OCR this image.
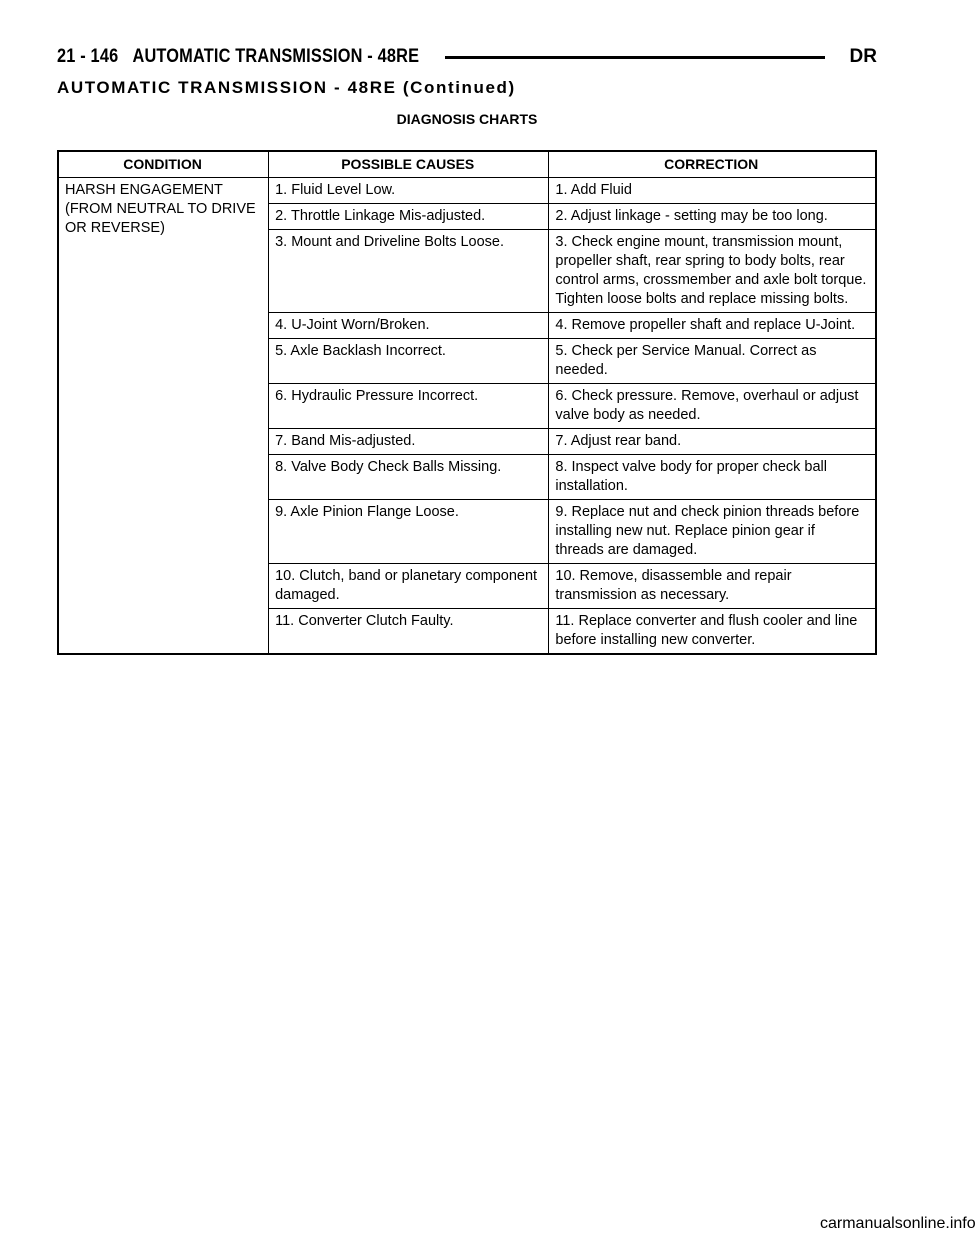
21 - 146 AUTOMATIC TRANSMISSION - 48RE	DR
AUTOMATIC TRANSMISSION - 48RE (Continued)
DIAGNOSIS CHARTS
CONDITION	POSSIBLE CAUSES	CORRECTION
HARSH ENGAGEMENT (FROM NEUTRAL TO DRIVE OR REVERSE)	1. Fluid Level Low.	1. Add Fluid
	2. Throttle Linkage Mis-adjusted.	2. Adjust linkage - setting may be too long.
	3. Mount and Driveline Bolts Loose.	3. Check engine mount, transmission mount, propeller shaft, rear spring to body bolts, rear control arms, crossmember and axle bolt torque. Tighten loose bolts and replace missing bolts.
	4. U-Joint Worn/Broken.	4. Remove propeller shaft and replace U-Joint.
	5. Axle Backlash Incorrect.	5. Check per Service Manual. Correct as needed.
	6. Hydraulic Pressure Incorrect.	6. Check pressure. Remove, overhaul or adjust valve body as needed.
	7. Band Mis-adjusted.	7. Adjust rear band.
	8. Valve Body Check Balls Missing.	8. Inspect valve body for proper check ball installation.
	9. Axle Pinion Flange Loose.	9. Replace nut and check pinion threads before installing new nut. Replace pinion gear if threads are damaged.
	10. Clutch, band or planetary component damaged.	10. Remove, disassemble and repair transmission as necessary.
	11. Converter Clutch Faulty.	11. Replace converter and flush cooler and line before installing new converter.
carmanualsonline.info
